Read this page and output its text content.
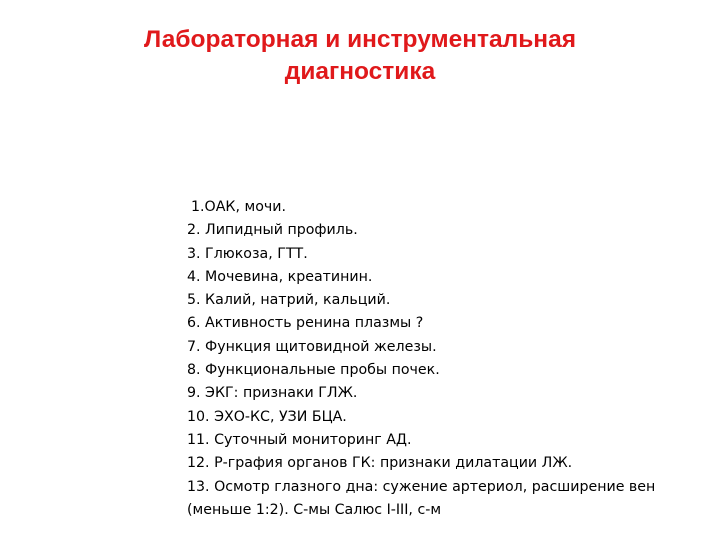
Лабораторная и инструментальная
диагностика
1.ОАК, мочи.
2. Липидный профиль.
3. Глюкоза, ГТТ.
4. Мочевина, креатинин.
5. Калий, натрий, кальций.
6. Активность ренина плазмы ?
7. Функция щитовидной железы.
8. Функциональные пробы почек.
9. ЭКГ: признаки ГЛЖ.
10. ЭХО-КС, УЗИ БЦА.
11. Суточный мониторинг АД.
12. Р-графия органов ГК: признаки дилатации ЛЖ.
13. Осмотр глазного дна: сужение артериол, расширение вен (меньше 1:2). С-мы Салюс I-III, с-м
